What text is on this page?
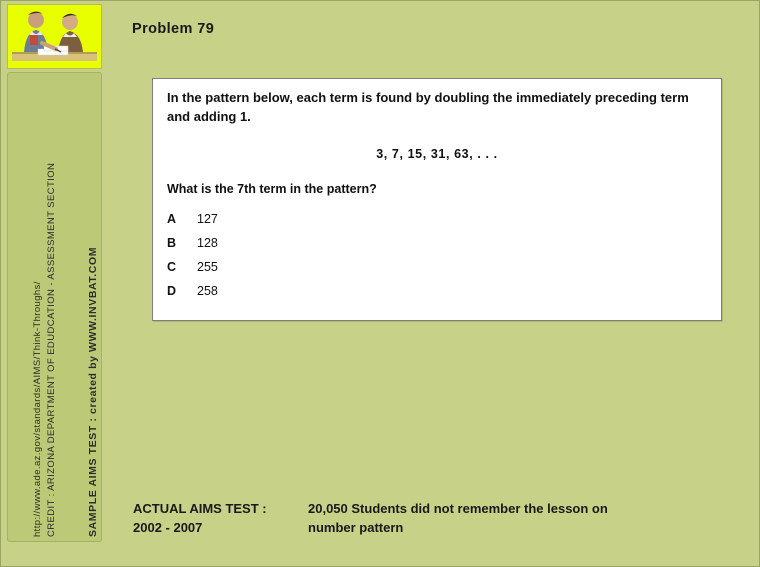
CREDIT : ARIZONA DEPARTMENT OF EDUDCATION - ASSESSMENT SECTION
http://www.ade.az.gov/standards/AIMS/Think-Throughs/	SAMPLE AIMS TEST : created by WWW.INVBAT.COM
Problem 79
In the pattern below, each term is found by doubling the immediately preceding term and adding 1.
3, 7, 15, 31, 63, . . .
What is the 7th term in the pattern?
A	127
B	128
C	255
D	258
ACTUAL AIMS TEST :	20,050 Students did not remember the lesson on
2002 - 2007	number pattern
